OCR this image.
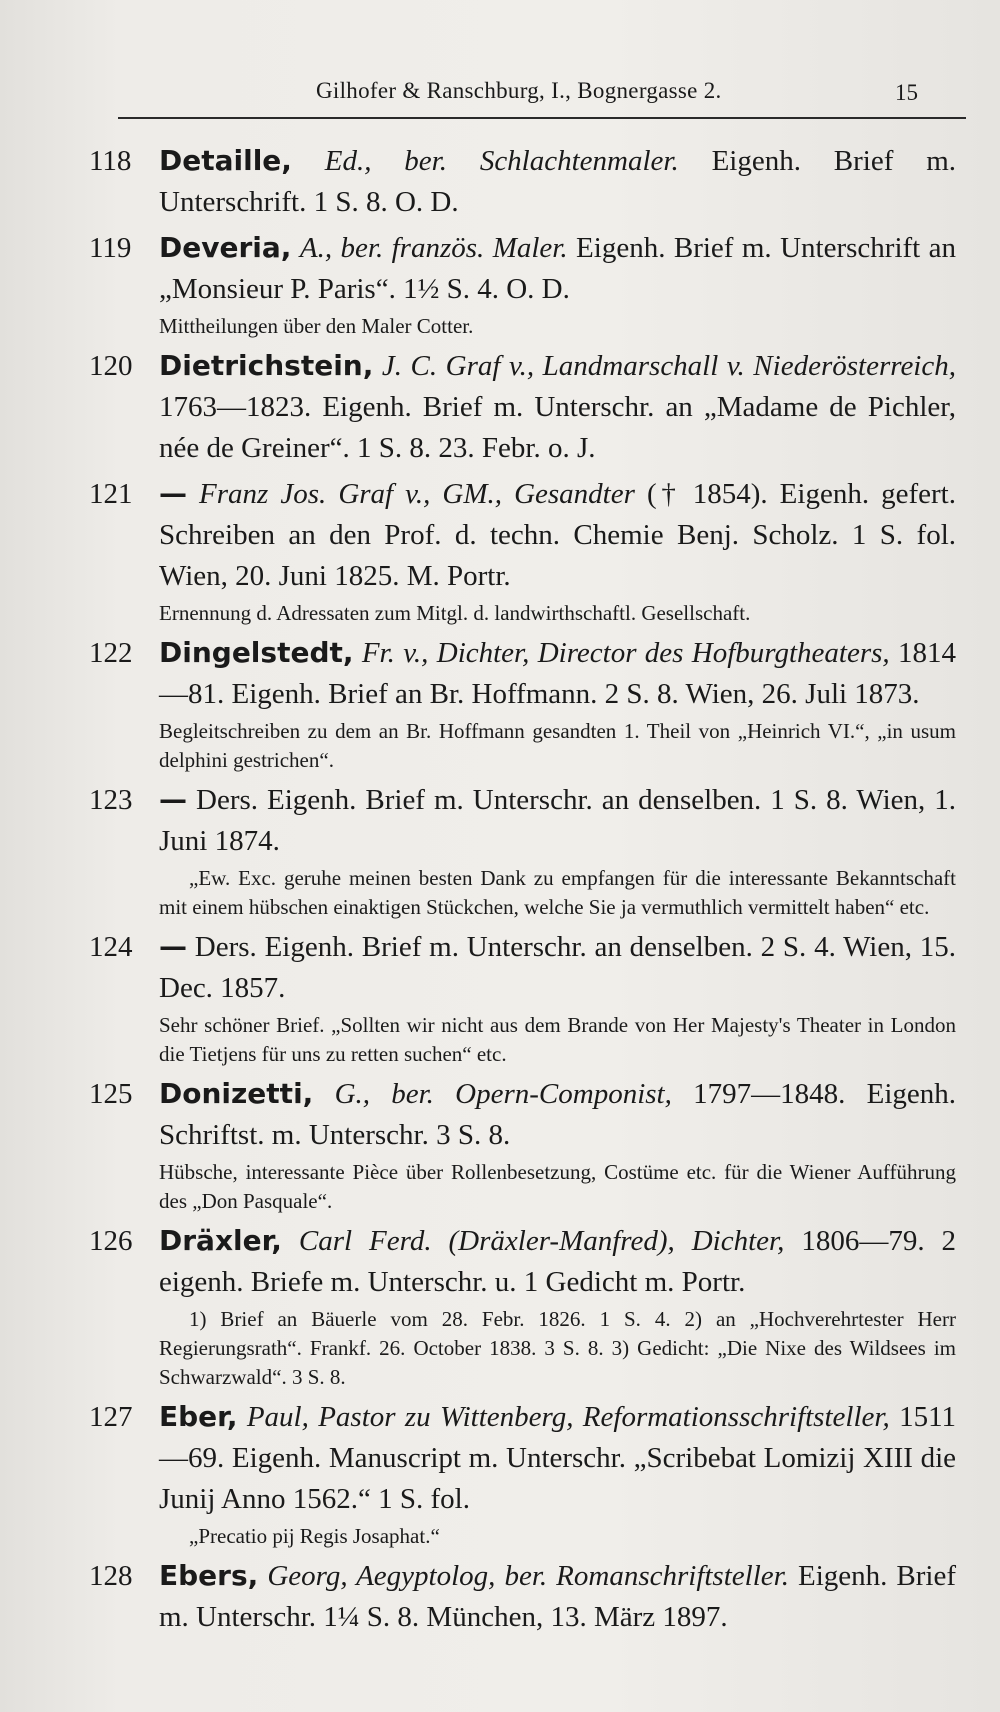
Gilhofer & Ranschburg, I., Bognergasse 2.	15
118 Detaille, Ed., ber. Schlachtenmaler. Eigenh. Brief m. Unterschrift. 1 S. 8. O. D.
119 Deveria, A., ber. französ. Maler. Eigenh. Brief m. Unterschrift an „Monsieur P. Paris“. 1½ S. 4. O. D.
Mittheilungen über den Maler Cotter.
120 Dietrichstein, J. C. Graf v., Landmarschall v. Niederösterreich, 1763—1823. Eigenh. Brief m. Unterschr. an „Madame de Pichler, née de Greiner“. 1 S. 8. 23. Febr. o. J.
121 — Franz Jos. Graf v., GM., Gesandter († 1854). Eigenh. gefert. Schreiben an den Prof. d. techn. Chemie Benj. Scholz. 1 S. fol. Wien, 20. Juni 1825. M. Portr.
Ernennung d. Adressaten zum Mitgl. d. landwirthschaftl. Gesellschaft.
122 Dingelstedt, Fr. v., Dichter, Director des Hofburgtheaters, 1814—81. Eigenh. Brief an Br. Hoffmann. 2 S. 8. Wien, 26. Juli 1873.
Begleitschreiben zu dem an Br. Hoffmann gesandten 1. Theil von „Heinrich VI.“, „in usum delphini gestrichen“.
123 — Ders. Eigenh. Brief m. Unterschr. an denselben. 1 S. 8. Wien, 1. Juni 1874.
„Ew. Exc. geruhe meinen besten Dank zu empfangen für die interessante Bekanntschaft mit einem hübschen einaktigen Stückchen, welche Sie ja vermuthlich vermittelt haben“ etc.
124 — Ders. Eigenh. Brief m. Unterschr. an denselben. 2 S. 4. Wien, 15. Dec. 1857.
Sehr schöner Brief. „Sollten wir nicht aus dem Brande von Her Majesty's Theater in London die Tietjens für uns zu retten suchen“ etc.
125 Donizetti, G., ber. Opern-Componist, 1797—1848. Eigenh. Schriftst. m. Unterschr. 3 S. 8.
Hübsche, interessante Pièce über Rollenbesetzung, Costüme etc. für die Wiener Aufführung des „Don Pasquale“.
126 Dräxler, Carl Ferd. (Dräxler-Manfred), Dichter, 1806—79. 2 eigenh. Briefe m. Unterschr. u. 1 Gedicht m. Portr.
1) Brief an Bäuerle vom 28. Febr. 1826. 1 S. 4. 2) an „Hochverehrtester Herr Regierungsrath“. Frankf. 26. October 1838. 3 S. 8. 3) Gedicht: „Die Nixe des Wildsees im Schwarzwald“. 3 S. 8.
127 Eber, Paul, Pastor zu Wittenberg, Reformationsschriftsteller, 1511—69. Eigenh. Manuscript m. Unterschr. „Scribebat Lomizij XIII die Junij Anno 1562.“ 1 S. fol.
„Precatio pij Regis Josaphat.“
128 Ebers, Georg, Aegyptolog, ber. Romanschriftsteller. Eigenh. Brief m. Unterschr. 1¼ S. 8. München, 13. März 1897.
